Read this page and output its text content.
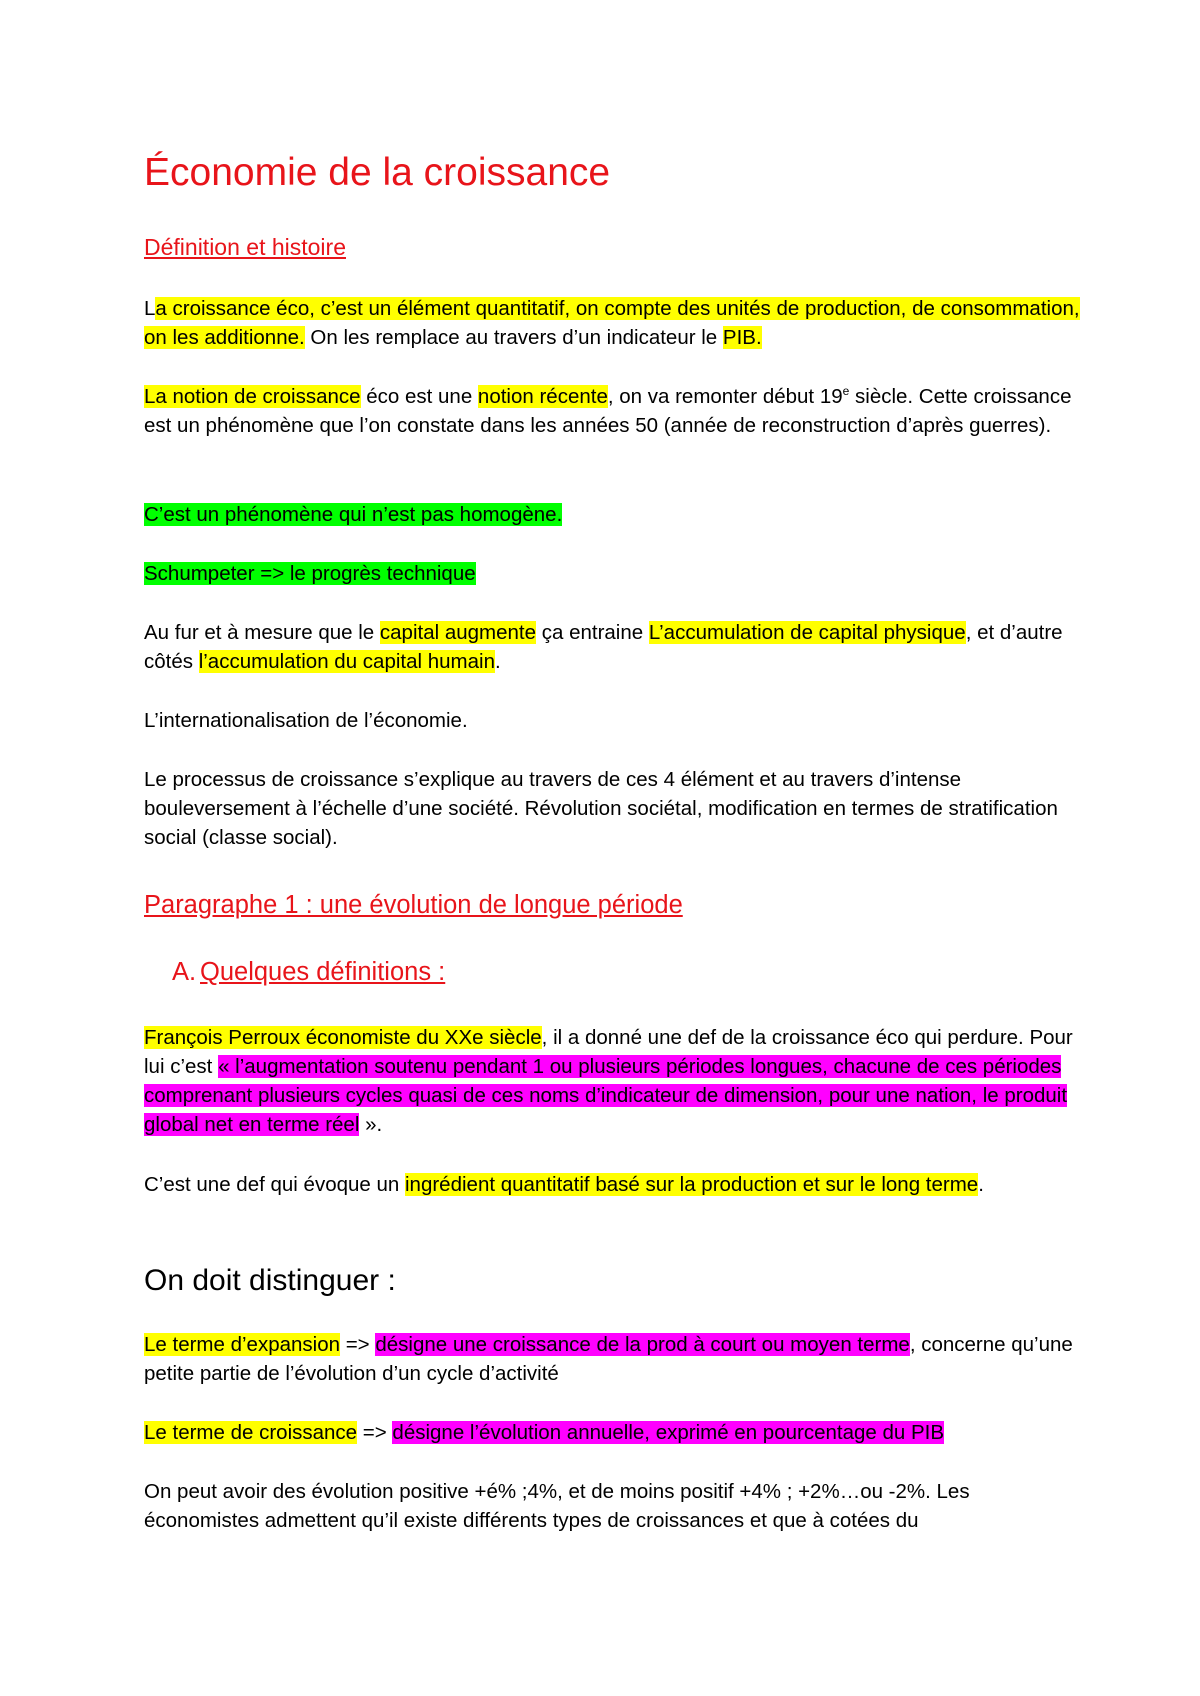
Économie de la croissance
Définition et histoire

La croissance éco, c’est un élément quantitatif, on compte des unités de production, de consommation, on les additionne. On les remplace au travers d’un indicateur le PIB.

La notion de croissance éco est une notion récente, on va remonter début 19e siècle. Cette croissance est un phénomène que l’on constate dans les années 50 (année de reconstruction d’après guerres).

C’est un phénomène qui n’est pas homogène.

Schumpeter => le progrès technique

Au fur et à mesure que le capital augmente ça entraine L’accumulation de capital physique, et d’autre côtés l’accumulation du capital humain.

L’internationalisation de l’économie.

Le processus de croissance s’explique au travers de ces 4 élément et au travers d’intense bouleversement à l’échelle d’une société. Révolution sociétal, modification en termes de stratification social (classe social).

Paragraphe 1 : une évolution de longue période
A. Quelques définitions :

François Perroux économiste du XXe siècle, il a donné une def de la croissance éco qui perdure. Pour lui c’est « l’augmentation soutenu pendant 1 ou plusieurs périodes longues, chacune de ces périodes comprenant plusieurs cycles quasi de ces noms d’indicateur de dimension, pour une nation, le produit global net en terme réel ».

C’est une def qui évoque un ingrédient quantitatif basé sur la production et sur le long terme.

On doit distinguer :

Le terme d’expansion => désigne une croissance de la prod à court ou moyen terme, concerne qu’une petite partie de l’évolution d’un cycle d’activité

Le terme de croissance => désigne l’évolution annuelle, exprimé en pourcentage du PIB

On peut avoir des évolution positive +é% ;4%, et de moins positif +4% ; +2%…ou -2%. Les économistes admettent qu’il existe différents types de croissances et que à cotées du
